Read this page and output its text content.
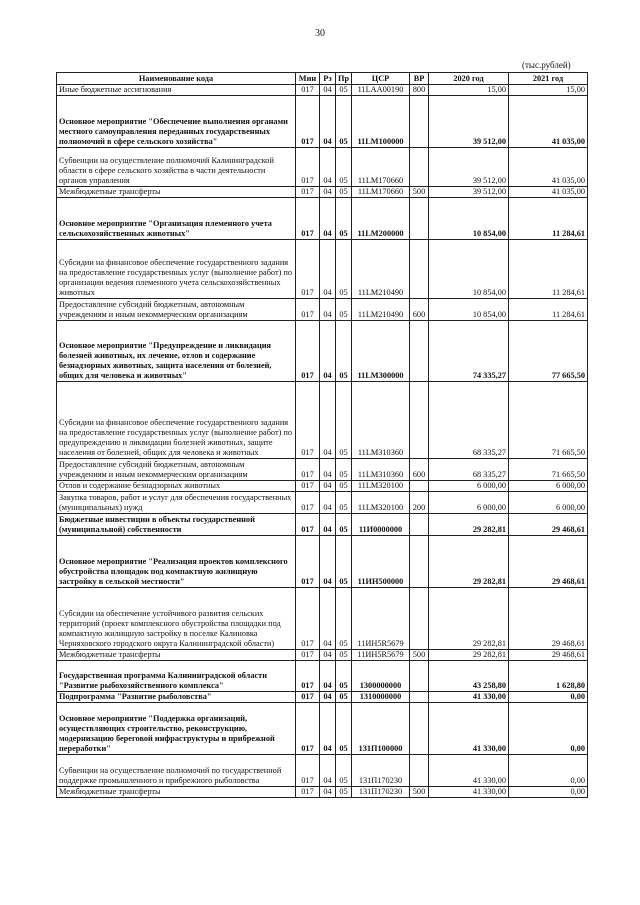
30
(тыс.рублей)
Наименование кода	Мин	Рз	Пр	ЦСР	ВР	2020 год	2021 год
Иные бюджетные ассигнования	017	04	05	11LAA00190	800	15,00	15,00
Основное мероприятие "Обеспечение выполнения органами местного самоуправления переданных государственных полномочий в сфере сельского хозяйства"	017	04	05	11LM100000		39 512,00	41 035,00
Субвенции на осуществление полномочий Калининградской области в сфере сельского хозяйства в части деятельности органов управления	017	04	05	11LM170660		39 512,00	41 035,00
Межбюджетные трансферты	017	04	05	11LM170660	500	39 512,00	41 035,00
Основное мероприятие "Организация племенного учета сельскохозяйственных животных"	017	04	05	11LM200000		10 854,00	11 284,61
Субсидии на финансовое обеспечение государственного задания на предоставление государственных услуг (выполнение работ) по организации ведения племенного учета сельскохозяйственных животных	017	04	05	11LM210490		10 854,00	11 284,61
Предоставление субсидий бюджетным, автономным учреждениям и иным некоммерческим организациям	017	04	05	11LM210490	600	10 854,00	11 284,61
Основное мероприятие "Предупреждение и ликвидация болезней животных, их лечение, отлов и содержание безнадзорных животных, защита населения от болезней, общих для человека и животных"	017	04	05	11LM300000		74 335,27	77 665,50
Субсидии на финансовое обеспечение государственного задания на предоставление государственных услуг (выполнение работ) по предупреждению и ликвидации болезней животных, защите населения от болезней, общих для человека и животных	017	04	05	11LM310360		68 335,27	71 665,50
Предоставление субсидий бюджетным, автономным учреждениям и иным некоммерческим организациям	017	04	05	11LM310360	600	68 335,27	71 665,50
Отлов и содержание безнадзорных животных	017	04	05	11LM320100		6 000,00	6 000,00
Закупка товаров, работ и услуг для обеспечения государственных (муниципальных) нужд	017	04	05	11LM320100	200	6 000,00	6 000,00
Бюджетные инвестиции в объекты государственной (муниципальной) собственности	017	04	05	11И0000000		29 282,81	29 468,61
Основное мероприятие "Реализация проектов комплексного обустройства площадок под компактную жилищную застройку в сельской местности"	017	04	05	11ИН500000		29 282,81	29 468,61
Субсидии на обеспечение устойчивого развития сельских территорий (проект комплексного обустройства площадки под компактную жилищную застройку в поселке Калиновка Черняховского городского округа Калининградской области)	017	04	05	11ИН5R5679		29 282,81	29 468,61
Межбюджетные трансферты	017	04	05	11ИН5R5679	500	29 282,81	29 468,61
Государственная программа Калининградской области "Развитие рыбохозяйственного комплекса"	017	04	05	1300000000		43 258,80	1 628,80
Подпрограмма "Развитие рыболовства"	017	04	05	1310000000		41 330,00	0,00
Основное мероприятие "Поддержка организаций, осуществляющих строительство, реконструкцию, модернизацию береговой инфраструктуры и прибрежной переработки"	017	04	05	131П100000		41 330,00	0,00
Субвенции на осуществление полномочий по государственной поддержке промышленного и прибрежного рыболовства	017	04	05	131П170230		41 330,00	0,00
Межбюджетные трансферты	017	04	05	131П170230	500	41 330,00	0,00
